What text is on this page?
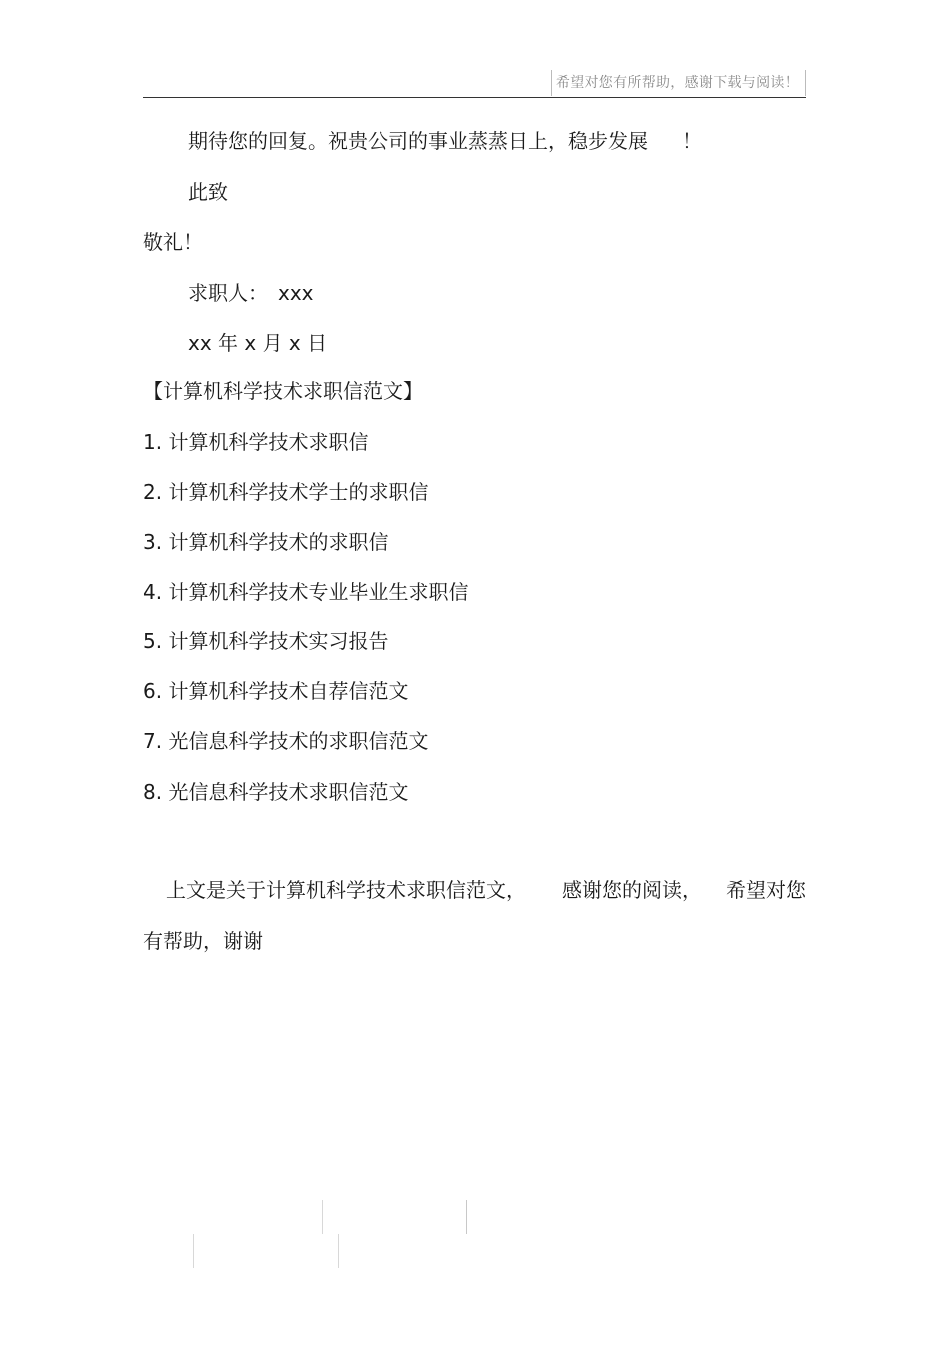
希望对您有所帮助，感谢下载与阅读！
期待您的回复。祝贵公司的事业蒸蒸日上，稳步发展 ！
此致
敬礼！
求职人： xxx
xx 年 x 月 x 日
【计算机科学技术求职信范文】
1. 计算机科学技术求职信
2. 计算机科学技术学士的求职信
3. 计算机科学技术的求职信
4. 计算机科学技术专业毕业生求职信
5. 计算机科学技术实习报告
6. 计算机科学技术自荐信范文
7. 光信息科学技术的求职信范文
8. 光信息科学技术求职信范文
上文是关于计算机科学技术求职信范文， 感谢您的阅读， 希望对您
有帮助，谢谢
